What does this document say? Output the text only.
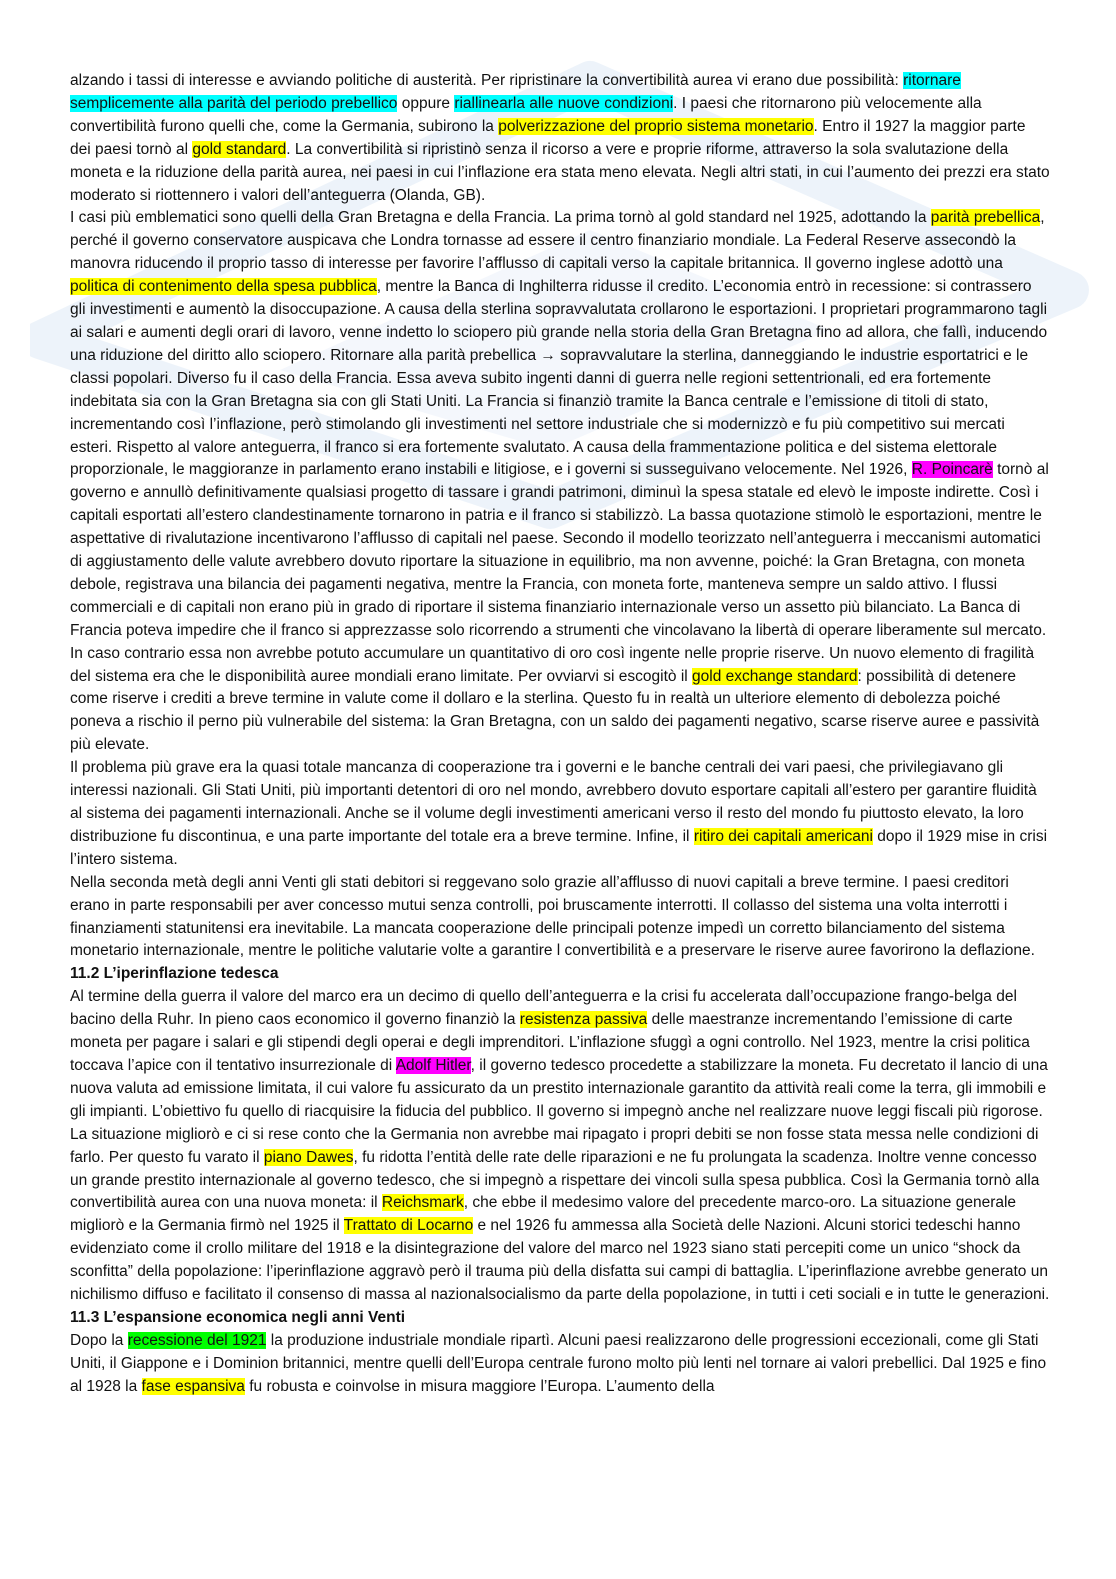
alzando i tassi di interesse e avviando politiche di austerità. Per ripristinare la convertibilità aurea vi erano due possibilità: ritornare semplicemente alla parità del periodo prebellico oppure riallinearla alle nuove condizioni. I paesi che ritornarono più velocemente alla convertibilità furono quelli che, come la Germania, subirono la polverizzazione del proprio sistema monetario. Entro il 1927 la maggior parte dei paesi tornò al gold standard. La convertibilità si ripristinò senza il ricorso a vere e proprie riforme, attraverso la sola svalutazione della moneta e la riduzione della parità aurea, nei paesi in cui l’inflazione era stata meno elevata. Negli altri stati, in cui l’aumento dei prezzi era stato moderato si riottennero i valori dell’anteguerra (Olanda, GB).

I casi più emblematici sono quelli della Gran Bretagna e della Francia. La prima tornò al gold standard nel 1925, adottando la parità prebellica, perché il governo conservatore auspicava che Londra tornasse ad essere il centro finanziario mondiale. La Federal Reserve assecondò la manovra riducendo il proprio tasso di interesse per favorire l’afflusso di capitali verso la capitale britannica. Il governo inglese adottò una politica di contenimento della spesa pubblica, mentre la Banca di Inghilterra ridusse il credito. L’economia entrò in recessione: si contrassero gli investimenti e aumentò la disoccupazione. A causa della sterlina sopravvalutata crollarono le esportazioni. I proprietari programmarono tagli ai salari e aumenti degli orari di lavoro, venne indetto lo sciopero più grande nella storia della Gran Bretagna fino ad allora, che fallì, inducendo una riduzione del diritto allo sciopero. Ritornare alla parità prebellica → sopravvalutare la sterlina, danneggiando le industrie esportatrici e le classi popolari. Diverso fu il caso della Francia. Essa aveva subito ingenti danni di guerra nelle regioni settentrionali, ed era fortemente indebitata sia con la Gran Bretagna sia con gli Stati Uniti. La Francia si finanziò tramite la Banca centrale e l’emissione di titoli di stato, incrementando così l’inflazione, però stimolando gli investimenti nel settore industriale che si modernizzò e fu più competitivo sui mercati esteri. Rispetto al valore anteguerra, il franco si era fortemente svalutato. A causa della frammentazione politica e del sistema elettorale proporzionale, le maggioranze in parlamento erano instabili e litigiose, e i governi si susseguivano velocemente. Nel 1926, R. Poincarè tornò al governo e annullò definitivamente qualsiasi progetto di tassare i grandi patrimoni, diminuì la spesa statale ed elevò le imposte indirette. Così i capitali esportati all’estero clandestinamente tornarono in patria e il franco si stabilizzò. La bassa quotazione stimolò le esportazioni, mentre le aspettative di rivalutazione incentivarono l’afflusso di capitali nel paese. Secondo il modello teorizzato nell’anteguerra i meccanismi automatici di aggiustamento delle valute avrebbero dovuto riportare la situazione in equilibrio, ma non avvenne, poiché: la Gran Bretagna, con moneta debole, registrava una bilancia dei pagamenti negativa, mentre la Francia, con moneta forte, manteneva sempre un saldo attivo. I flussi commerciali e di capitali non erano più in grado di riportare il sistema finanziario internazionale verso un assetto più bilanciato. La Banca di Francia poteva impedire che il franco si apprezzasse solo ricorrendo a strumenti che vincolavano la libertà di operare liberamente sul mercato. In caso contrario essa non avrebbe potuto accumulare un quantitativo di oro così ingente nelle proprie riserve. Un nuovo elemento di fragilità del sistema era che le disponibilità auree mondiali erano limitate. Per ovviarvi si escogitò il gold exchange standard: possibilità di detenere come riserve i crediti a breve termine in valute come il dollaro e la sterlina. Questo fu in realtà un ulteriore elemento di debolezza poiché poneva a rischio il perno più vulnerabile del sistema: la Gran Bretagna, con un saldo dei pagamenti negativo, scarse riserve auree e passività più elevate.

Il problema più grave era la quasi totale mancanza di cooperazione tra i governi e le banche centrali dei vari paesi, che privilegiavano gli interessi nazionali. Gli Stati Uniti, più importanti detentori di oro nel mondo, avrebbero dovuto esportare capitali all’estero per garantire fluidità al sistema dei pagamenti internazionali. Anche se il volume degli investimenti americani verso il resto del mondo fu piuttosto elevato, la loro distribuzione fu discontinua, e una parte importante del totale era a breve termine. Infine, il ritiro dei capitali americani dopo il 1929 mise in crisi l’intero sistema.

Nella seconda metà degli anni Venti gli stati debitori si reggevano solo grazie all’afflusso di nuovi capitali a breve termine. I paesi creditori erano in parte responsabili per aver concesso mutui senza controlli, poi bruscamente interrotti. Il collasso del sistema una volta interrotti i finanziamenti statunitensi era inevitabile. La mancata cooperazione delle principali potenze impedì un corretto bilanciamento del sistema monetario internazionale, mentre le politiche valutarie volte a garantire l convertibilità e a preservare le riserve auree favorirono la deflazione.

11.2 L’iperinflazione tedesca

Al termine della guerra il valore del marco era un decimo di quello dell’anteguerra e la crisi fu accelerata dall’occupazione frango-belga del bacino della Ruhr. In pieno caos economico il governo finanziò la resistenza passiva delle maestranze incrementando l’emissione di carte moneta per pagare i salari e gli stipendi degli operai e degli imprenditori. L’inflazione sfuggì a ogni controllo. Nel 1923, mentre la crisi politica toccava l’apice con il tentativo insurrezionale di Adolf Hitler, il governo tedesco procedette a stabilizzare la moneta. Fu decretato il lancio di una nuova valuta ad emissione limitata, il cui valore fu assicurato da un prestito internazionale garantito da attività reali come la terra, gli immobili e gli impianti. L’obiettivo fu quello di riacquisire la fiducia del pubblico. Il governo si impegnò anche nel realizzare nuove leggi fiscali più rigorose. La situazione migliorò e ci si rese conto che la Germania non avrebbe mai ripagato i propri debiti se non fosse stata messa nelle condizioni di farlo. Per questo fu varato il piano Dawes, fu ridotta l’entità delle rate delle riparazioni e ne fu prolungata la scadenza. Inoltre venne concesso un grande prestito internazionale al governo tedesco, che si impegnò a rispettare dei vincoli sulla spesa pubblica. Così la Germania tornò alla convertibilità aurea con una nuova moneta: il Reichsmark, che ebbe il medesimo valore del precedente marco-oro. La situazione generale migliorò e la Germania firmò nel 1925 il Trattato di Locarno e nel 1926 fu ammessa alla Società delle Nazioni. Alcuni storici tedeschi hanno evidenziato come il crollo militare del 1918 e la disintegrazione del valore del marco nel 1923 siano stati percepiti come un unico “shock da sconfitta” della popolazione: l’iperinflazione aggravò però il trauma più della disfatta sui campi di battaglia. L’iperinflazione avrebbe generato un nichilismo diffuso e facilitato il consenso di massa al nazionalsocialismo da parte della popolazione, in tutti i ceti sociali e in tutte le generazioni.

11.3 L’espansione economica negli anni Venti

Dopo la recessione del 1921 la produzione industriale mondiale ripartì. Alcuni paesi realizzarono delle progressioni eccezionali, come gli Stati Uniti, il Giappone e i Dominion britannici, mentre quelli dell’Europa centrale furono molto più lenti nel tornare ai valori prebellici. Dal 1925 e fino al 1928 la fase espansiva fu robusta e coinvolse in misura maggiore l’Europa. L’aumento della
